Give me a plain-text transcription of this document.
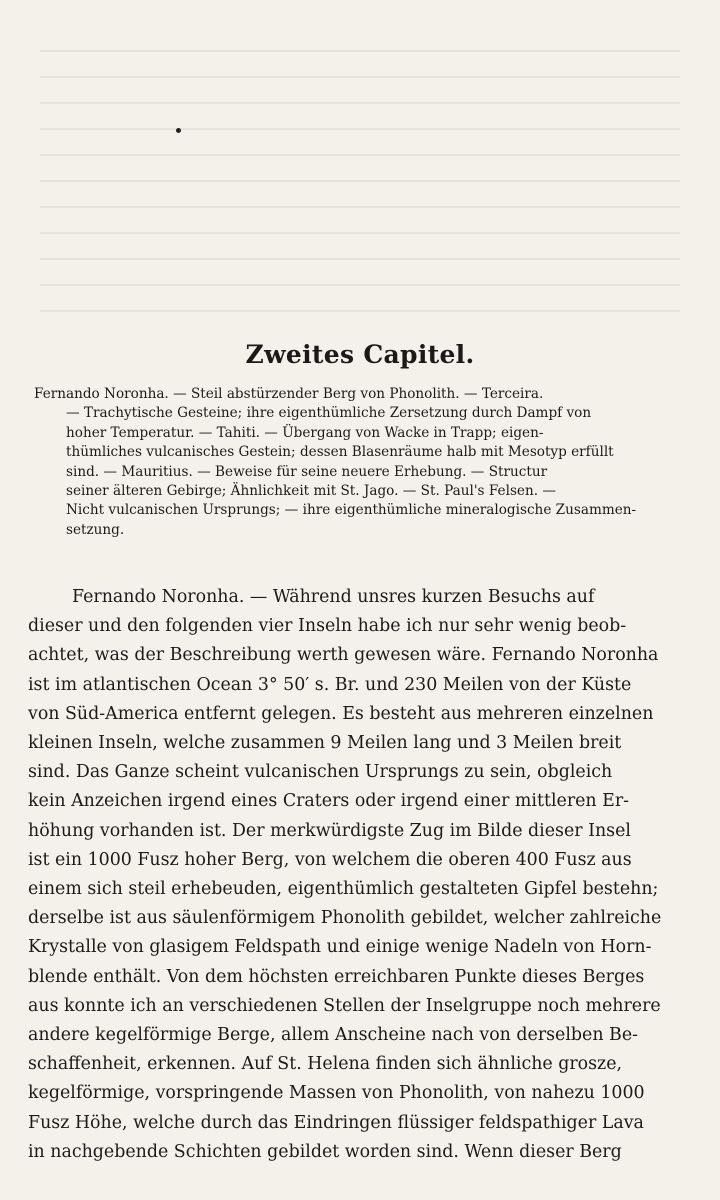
Zweites Capitel.
Fernando Noronha. — Steil abstürzender Berg von Phonolith. — Terceira.
— Trachytische Gesteine; ihre eigenthümliche Zersetzung durch Dampf von
hoher Temperatur. — Tahiti. — Übergang von Wacke in Trapp; eigen-
thümliches vulcanisches Gestein; dessen Blasenräume halb mit Mesotyp erfüllt
sind. — Mauritius. — Beweise für seine neuere Erhebung. — Structur
seiner älteren Gebirge; Ähnlichkeit mit St. Jago. — St. Paul's Felsen. —
Nicht vulcanischen Ursprungs; — ihre eigenthümliche mineralogische Zusammen-
setzung.
Fernando Noronha. — Während unsres kurzen Besuchs auf
dieser und den folgenden vier Inseln habe ich nur sehr wenig beob-
achtet, was der Beschreibung werth gewesen wäre. Fernando Noronha
ist im atlantischen Ocean 3° 50′ s. Br. und 230 Meilen von der Küste
von Süd-America entfernt gelegen. Es besteht aus mehreren einzelnen
kleinen Inseln, welche zusammen 9 Meilen lang und 3 Meilen breit
sind. Das Ganze scheint vulcanischen Ursprungs zu sein, obgleich
kein Anzeichen irgend eines Craters oder irgend einer mittleren Er-
höhung vorhanden ist. Der merkwürdigste Zug im Bilde dieser Insel
ist ein 1000 Fusz hoher Berg, von welchem die oberen 400 Fusz aus
einem sich steil erhebeuden, eigenthümlich gestalteten Gipfel bestehn;
derselbe ist aus säulenförmigem Phonolith gebildet, welcher zahlreiche
Krystalle von glasigem Feldspath und einige wenige Nadeln von Horn-
blende enthält. Von dem höchsten erreichbaren Punkte dieses Berges
aus konnte ich an verschiedenen Stellen der Inselgruppe noch mehrere
andere kegelförmige Berge, allem Anscheine nach von derselben Be-
schaffenheit, erkennen. Auf St. Helena finden sich ähnliche grosze,
kegelförmige, vorspringende Massen von Phonolith, von nahezu 1000
Fusz Höhe, welche durch das Eindringen flüssiger feldspathiger Lava
in nachgebende Schichten gebildet worden sind. Wenn dieser Berg
